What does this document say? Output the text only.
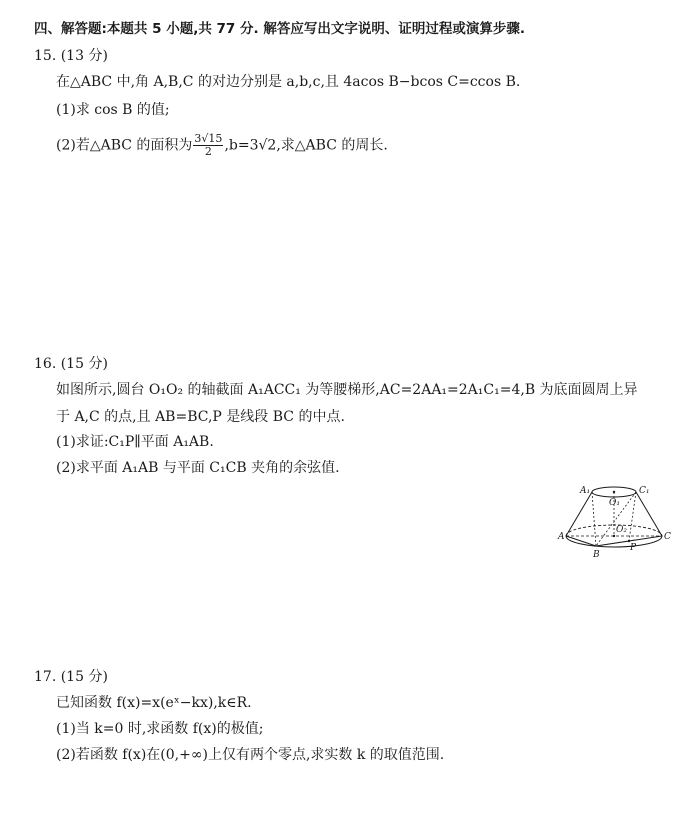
四、解答题:本题共 5 小题,共 77 分. 解答应写出文字说明、证明过程或演算步骤.
15. (13 分)
在△ABC 中,角 A,B,C 的对边分别是 a,b,c,且 4acos B−bcos C=ccos B.
(1)求 cos B 的值;
(2)若△ABC 的面积为 $\frac{3√15}{2} ,b=3√2$,求△ABC 的周长.
16. (15 分)
如图所示,圆台 O₁O₂ 的轴截面 A₁ACC₁ 为等腰梯形,AC=2AA₁=2A₁C₁=4,B 为底面圆周上异
于 A,C 的点,且 AB=BC,P 是线段 BC 的中点.
(1)求证:C₁P∥平面 A₁AB.
(2)求平面 A₁AB 与平面 C₁CB 夹角的余弦值.
A₁	C₁
O₁
O₂
A	C
B
P
17. (15 分)
已知函数 f(x)=x(eˣ−kx),k∈R.
(1)当 k=0 时,求函数 f(x)的极值;
(2)若函数 f(x)在(0,+∞)上仅有两个零点,求实数 k 的取值范围.
